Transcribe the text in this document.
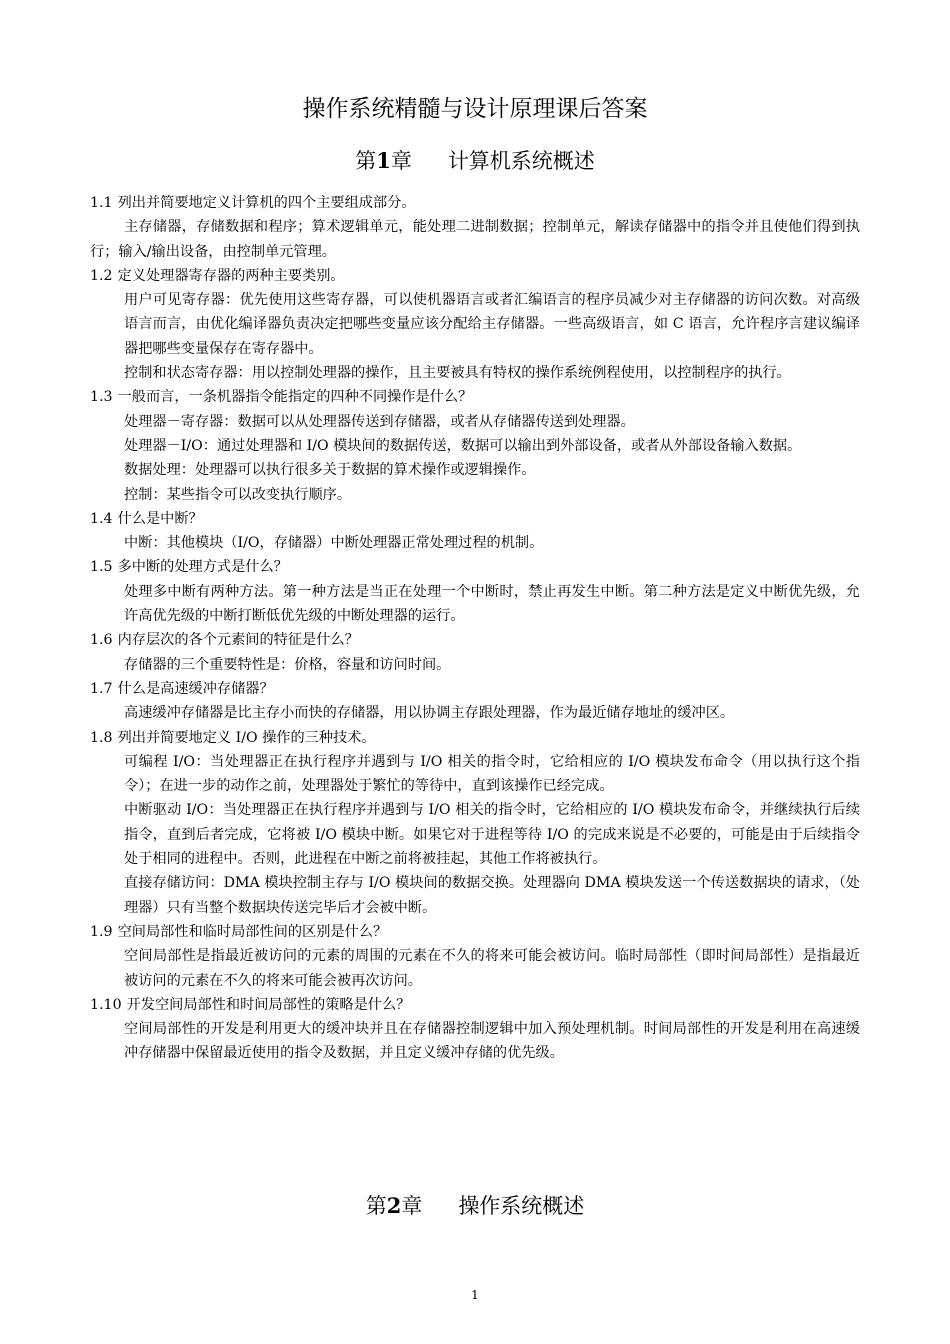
操作系统精髓与设计原理课后答案
第1章 计算机系统概述

1.1 列出并简要地定义计算机的四个主要组成部分。

主存储器，存储数据和程序；算术逻辑单元，能处理二进制数据；控制单元，解读存储器中的指令并且使他们得到执行；输入/输出设备，由控制单元管理。

1.2 定义处理器寄存器的两种主要类别。

用户可见寄存器：优先使用这些寄存器，可以使机器语言或者汇编语言的程序员减少对主存储器的访问次数。对高级语言而言，由优化编译器负责决定把哪些变量应该分配给主存储器。一些高级语言，如 C 语言，允许程序言建议编译器把哪些变量保存在寄存器中。

控制和状态寄存器：用以控制处理器的操作，且主要被具有特权的操作系统例程使用，以控制程序的执行。

1.3 一般而言，一条机器指令能指定的四种不同操作是什么？

处理器－寄存器：数据可以从处理器传送到存储器，或者从存储器传送到处理器。

处理器－I/O：通过处理器和 I/O 模块间的数据传送，数据可以输出到外部设备，或者从外部设备输入数据。

数据处理：处理器可以执行很多关于数据的算术操作或逻辑操作。

控制：某些指令可以改变执行顺序。

1.4 什么是中断？

中断：其他模块（I/O，存储器）中断处理器正常处理过程的机制。

1.5 多中断的处理方式是什么？

处理多中断有两种方法。第一种方法是当正在处理一个中断时，禁止再发生中断。第二种方法是定义中断优先级，允许高优先级的中断打断低优先级的中断处理器的运行。

1.6 内存层次的各个元素间的特征是什么？

存储器的三个重要特性是：价格，容量和访问时间。

1.7 什么是高速缓冲存储器？

高速缓冲存储器是比主存小而快的存储器，用以协调主存跟处理器，作为最近储存地址的缓冲区。

1.8 列出并简要地定义 I/O 操作的三种技术。

可编程 I/O：当处理器正在执行程序并遇到与 I/O 相关的指令时，它给相应的 I/O 模块发布命令（用以执行这个指令）；在进一步的动作之前，处理器处于繁忙的等待中，直到该操作已经完成。

中断驱动 I/O：当处理器正在执行程序并遇到与 I/O 相关的指令时，它给相应的 I/O 模块发布命令，并继续执行后续指令，直到后者完成，它将被 I/O 模块中断。如果它对于进程等待 I/O 的完成来说是不必要的，可能是由于后续指令处于相同的进程中。否则，此进程在中断之前将被挂起，其他工作将被执行。

直接存储访问：DMA 模块控制主存与 I/O 模块间的数据交换。处理器向 DMA 模块发送一个传送数据块的请求，（处理器）只有当整个数据块传送完毕后才会被中断。

1.9 空间局部性和临时局部性间的区别是什么？

空间局部性是指最近被访问的元素的周围的元素在不久的将来可能会被访问。临时局部性（即时间局部性）是指最近被访问的元素在不久的将来可能会被再次访问。

1.10 开发空间局部性和时间局部性的策略是什么？

空间局部性的开发是利用更大的缓冲块并且在存储器控制逻辑中加入预处理机制。时间局部性的开发是利用在高速缓冲存储器中保留最近使用的指令及数据，并且定义缓冲存储的优先级。

第2章 操作系统概述
1
